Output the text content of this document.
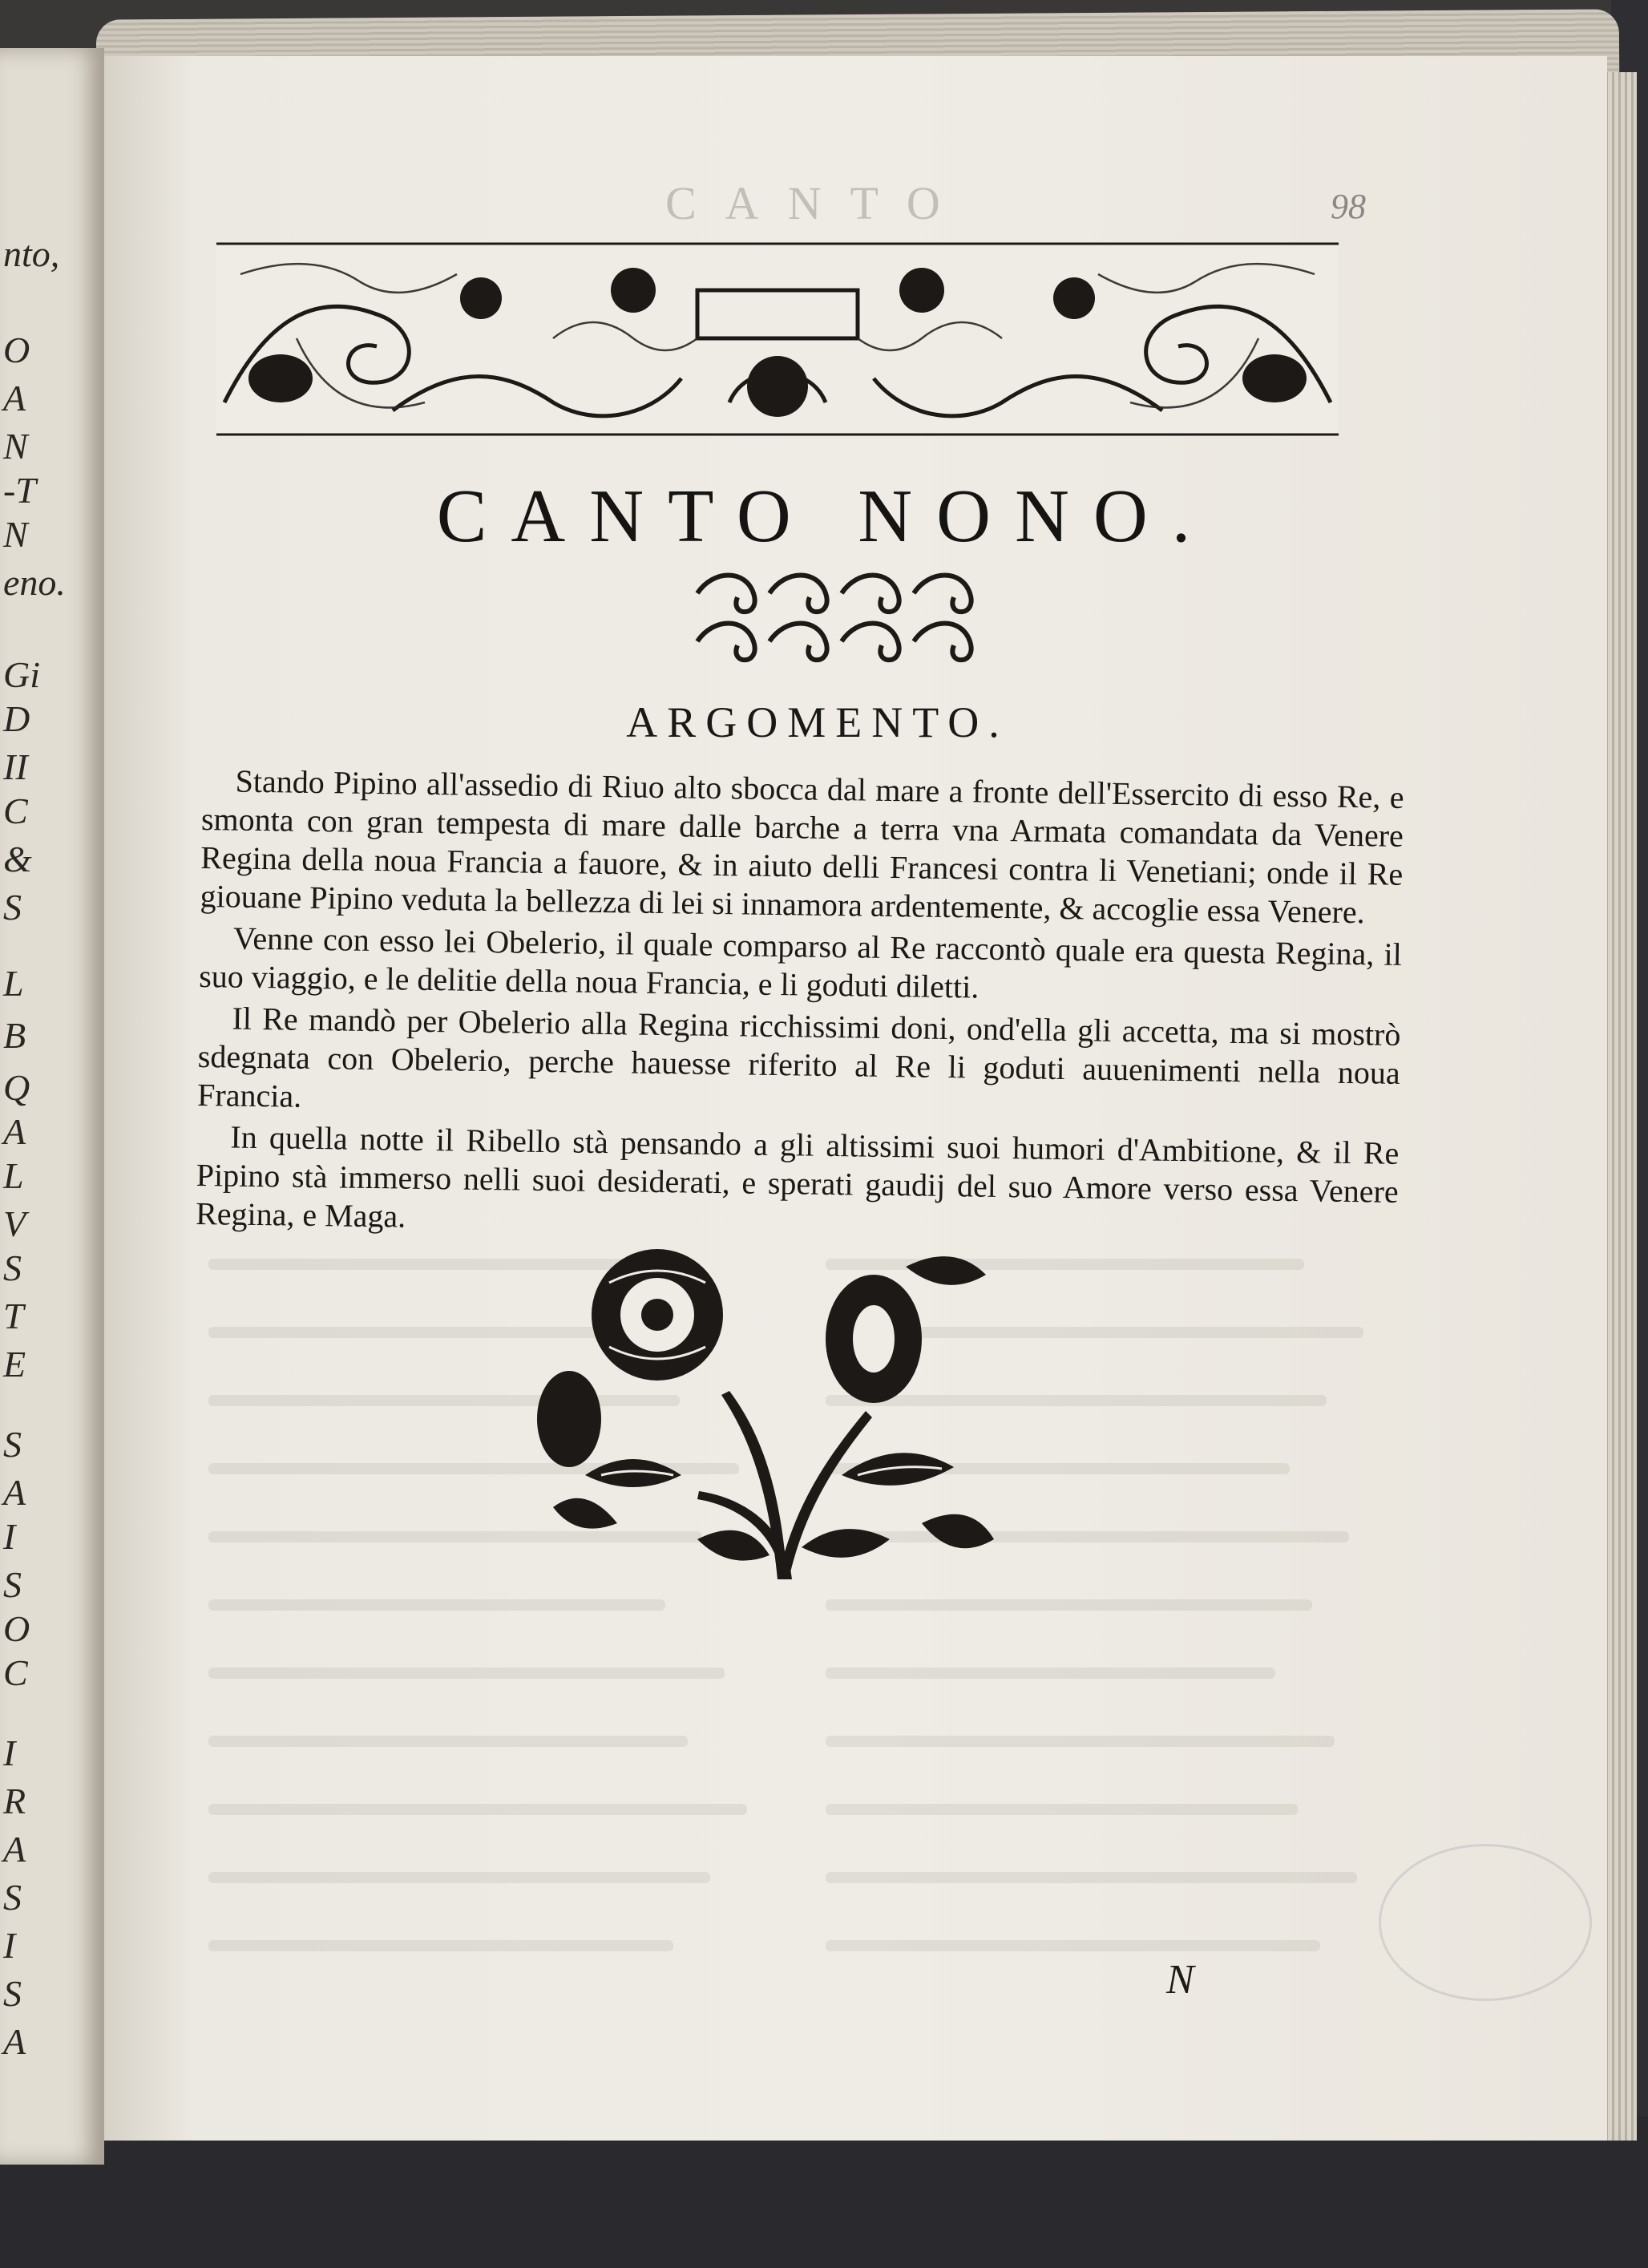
nto,
O
A
N
-T
N
eno.
Gi
D
II
C
&
S
L
B
Q
A
L
V
S
T
E
S
A
I
S
O
C
I
R
A
S
I
S
A
CANTO	98
CANTO NONO.
ARGOMENTO.

Stando Pipino all'assedio di Riuo alto sbocca dal mare a fronte dell'Essercito di esso Re, e smonta con gran tempesta di mare dalle barche a terra vna Armata comandata da Venere Regina della noua Francia a fauore, & in aiuto delli Francesi contra li Venetiani; onde il Re giouane Pipino veduta la bellezza di lei si innamora ardentemente, & accoglie essa Venere.

Venne con esso lei Obelerio, il quale comparso al Re raccontò quale era questa Regina, il suo viaggio, e le delitie della noua Francia, e li goduti diletti.

Il Re mandò per Obelerio alla Regina ricchissimi doni, ond'ella gli accetta, ma si mostrò sdegnata con Obelerio, perche hauesse riferito al Re li goduti auuenimenti nella noua Francia.

In quella notte il Ribello stà pensando a gli altissimi suoi humori d'Ambitione, & il Re Pipino stà immerso nelli suoi desiderati, e sperati gaudij del suo Amore verso essa Venere Regina, e Maga.

N
